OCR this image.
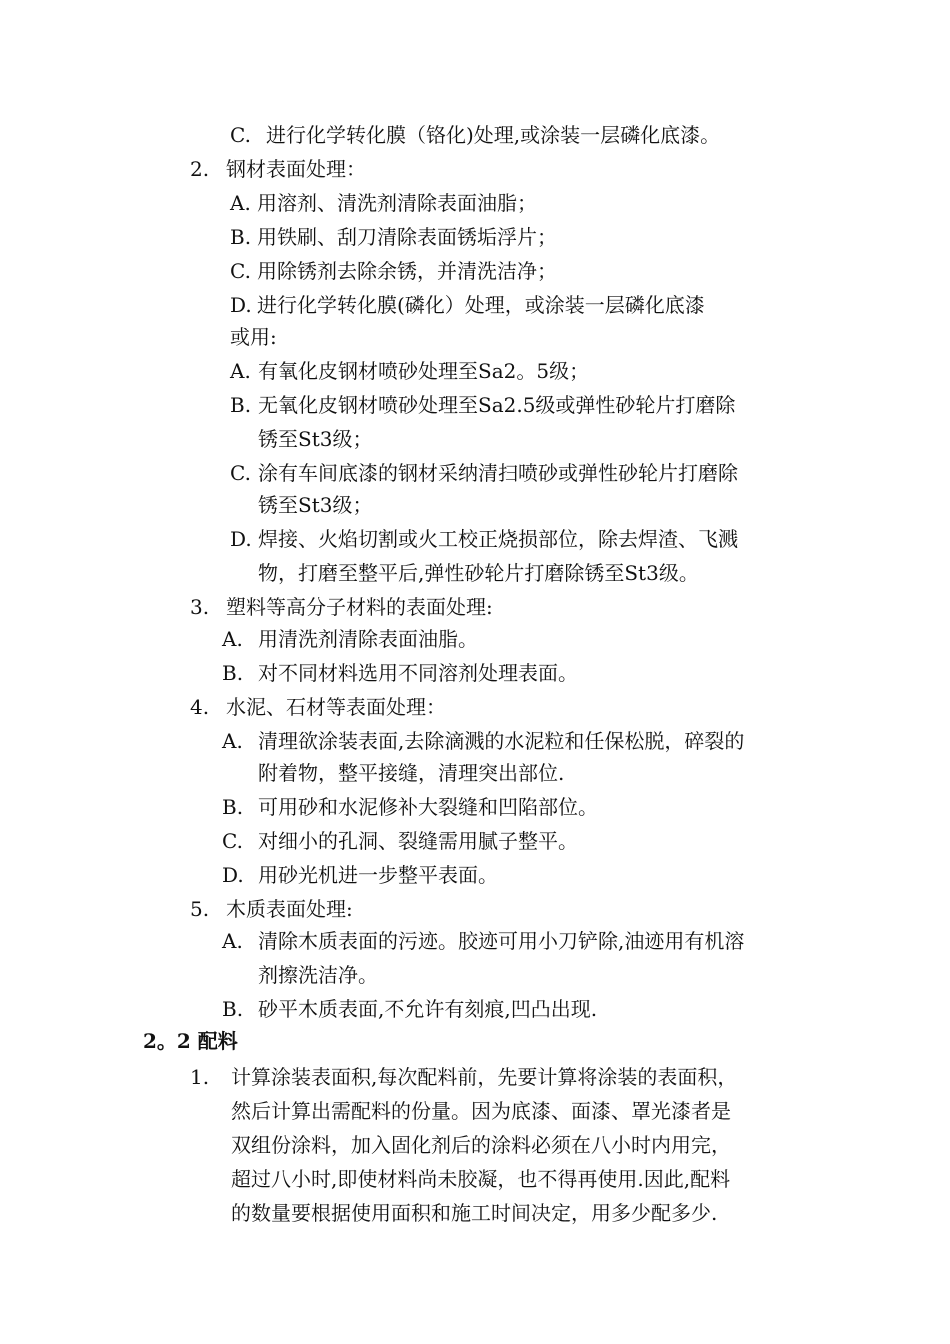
C. 进行化学转化膜（铬化)处理,或涂装一层磷化底漆。

2. 钢材表面处理：

A. 用溶剂、清洗剂清除表面油脂；

B. 用铁刷、刮刀清除表面锈垢浮片；

C. 用除锈剂去除余锈，并清洗洁净；

D. 进行化学转化膜(磷化）处理，或涂装一层磷化底漆

或用:

A. 有氧化皮钢材喷砂处理至Sa2。5级；

B. 无氧化皮钢材喷砂处理至Sa2.5级或弹性砂轮片打磨除

锈至St3级；

C. 涂有车间底漆的钢材采纳清扫喷砂或弹性砂轮片打磨除

锈至St3级；

D. 焊接、火焰切割或火工校正烧损部位，除去焊渣、飞溅

物，打磨至整平后,弹性砂轮片打磨除锈至St3级。

3. 塑料等高分子材料的表面处理:

A. 用清洗剂清除表面油脂。

B. 对不同材料选用不同溶剂处理表面。

4. 水泥、石材等表面处理：

A. 清理欲涂装表面,去除滴溅的水泥粒和任保松脱，碎裂的

附着物，整平接缝，清理突出部位.

B. 可用砂和水泥修补大裂缝和凹陷部位。

C. 对细小的孔洞、裂缝需用腻子整平。

D. 用砂光机进一步整平表面。

5. 木质表面处理:

A. 清除木质表面的污迹。胶迹可用小刀铲除,油迹用有机溶

剂擦洗洁净。

B. 砂平木质表面,不允许有刻痕,凹凸出现.

2。2 配料

1. 计算涂装表面积,每次配料前，先要计算将涂装的表面积，

然后计算出需配料的份量。因为底漆、面漆、罩光漆者是

双组份涂料，加入固化剂后的涂料必须在八小时内用完，

超过八小时,即使材料尚未胶凝，也不得再使用.因此,配料

的数量要根据使用面积和施工时间决定，用多少配多少.
